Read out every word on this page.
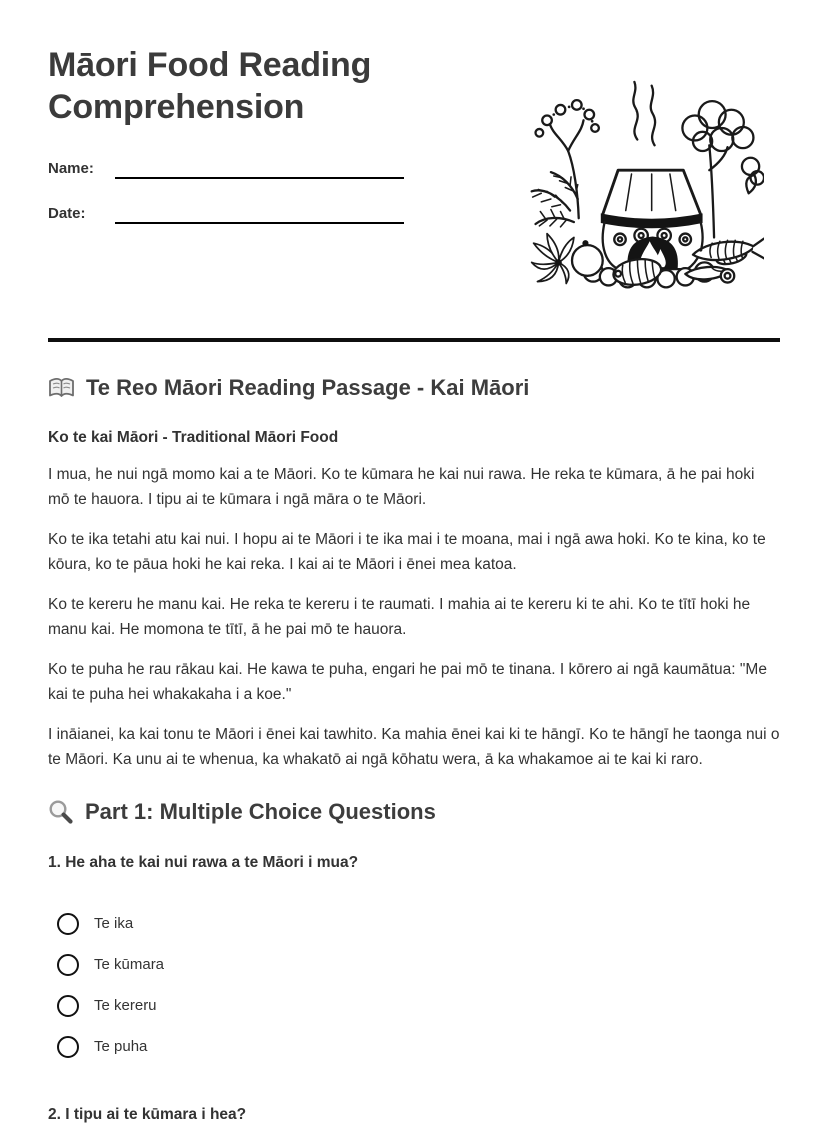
Māori Food Reading Comprehension
Name:
Date:
Te Reo Māori Reading Passage - Kai Māori

Ko te kai Māori - Traditional Māori Food

I mua, he nui ngā momo kai a te Māori. Ko te kūmara he kai nui rawa. He reka te kūmara, ā he pai hoki mō te hauora. I tipu ai te kūmara i ngā māra o te Māori.

Ko te ika tetahi atu kai nui. I hopu ai te Māori i te ika mai i te moana, mai i ngā awa hoki. Ko te kina, ko te kōura, ko te pāua hoki he kai reka. I kai ai te Māori i ēnei mea katoa.

Ko te kereru he manu kai. He reka te kereru i te raumati. I mahia ai te kereru ki te ahi. Ko te tītī hoki he manu kai. He momona te tītī, ā he pai mō te hauora.

Ko te puha he rau rākau kai. He kawa te puha, engari he pai mō te tinana. I kōrero ai ngā kaumātua: "Me kai te puha hei whakakaha i a koe."

I ināianei, ka kai tonu te Māori i ēnei kai tawhito. Ka mahia ēnei kai ki te hāngī. Ko te hāngī he taonga nui o te Māori. Ka unu ai te whenua, ka whakatō ai ngā kōhatu wera, ā ka whakamoe ai te kai ki raro.

Part 1: Multiple Choice Questions

1. He aha te kai nui rawa a te Māori i mua?

Te ika
Te kūmara
Te kereru
Te puha

2. I tipu ai te kūmara i hea?
